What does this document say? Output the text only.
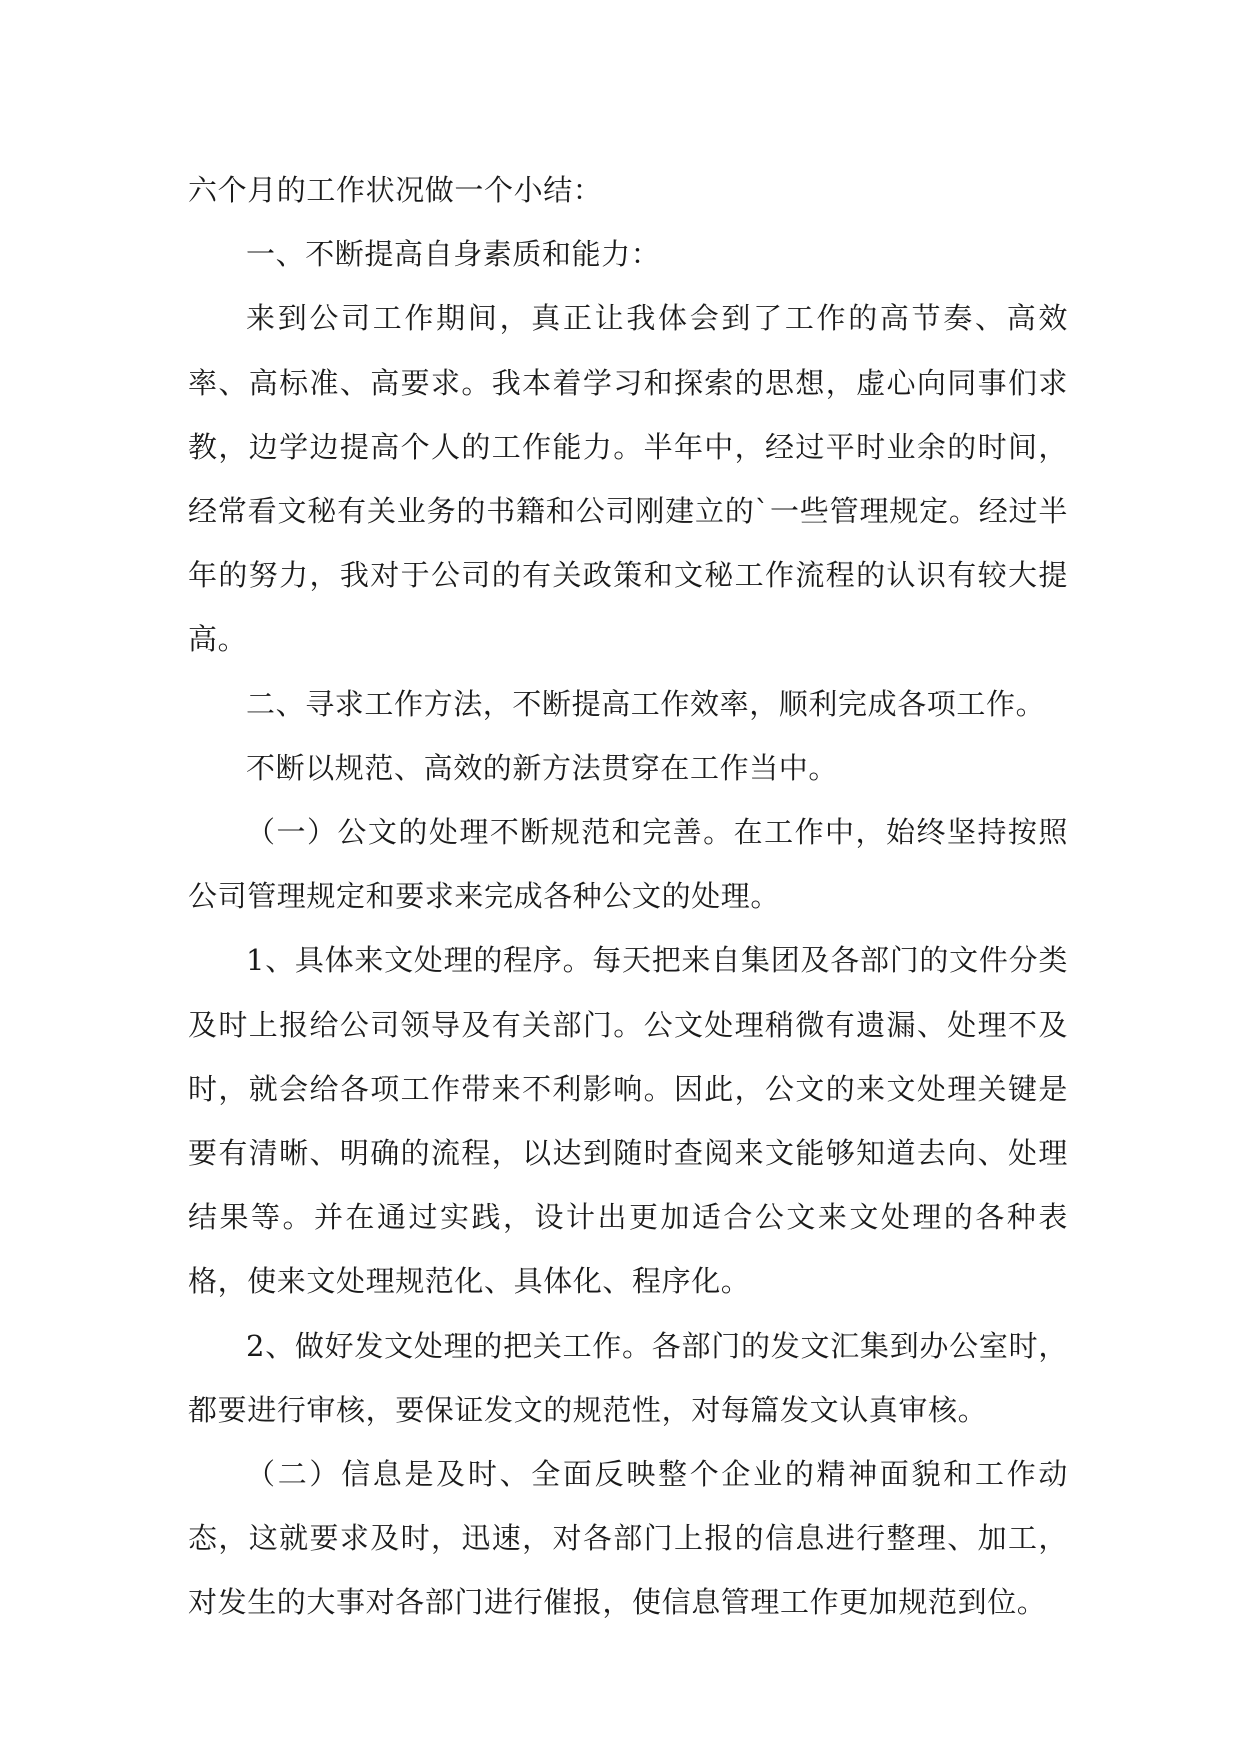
六个月的工作状况做一个小结：

一、不断提高自身素质和能力：

来到公司工作期间，真正让我体会到了工作的高节奏、高效率、高标准、高要求。我本着学习和探索的思想，虚心向同事们求教，边学边提高个人的工作能力。半年中，经过平时业余的时间，经常看文秘有关业务的书籍和公司刚建立的`一些管理规定。经过半年的努力，我对于公司的有关政策和文秘工作流程的认识有较大提高。

二、寻求工作方法，不断提高工作效率，顺利完成各项工作。

不断以规范、高效的新方法贯穿在工作当中。

（一）公文的处理不断规范和完善。在工作中，始终坚持按照公司管理规定和要求来完成各种公文的处理。

1、具体来文处理的程序。每天把来自集团及各部门的文件分类及时上报给公司领导及有关部门。公文处理稍微有遗漏、处理不及时，就会给各项工作带来不利影响。因此，公文的来文处理关键是要有清晰、明确的流程，以达到随时查阅来文能够知道去向、处理结果等。并在通过实践，设计出更加适合公文来文处理的各种表格，使来文处理规范化、具体化、程序化。

2、做好发文处理的把关工作。各部门的发文汇集到办公室时，都要进行审核，要保证发文的规范性，对每篇发文认真审核。

（二）信息是及时、全面反映整个企业的精神面貌和工作动态，这就要求及时，迅速，对各部门上报的信息进行整理、加工，对发生的大事对各部门进行催报，使信息管理工作更加规范到位。
